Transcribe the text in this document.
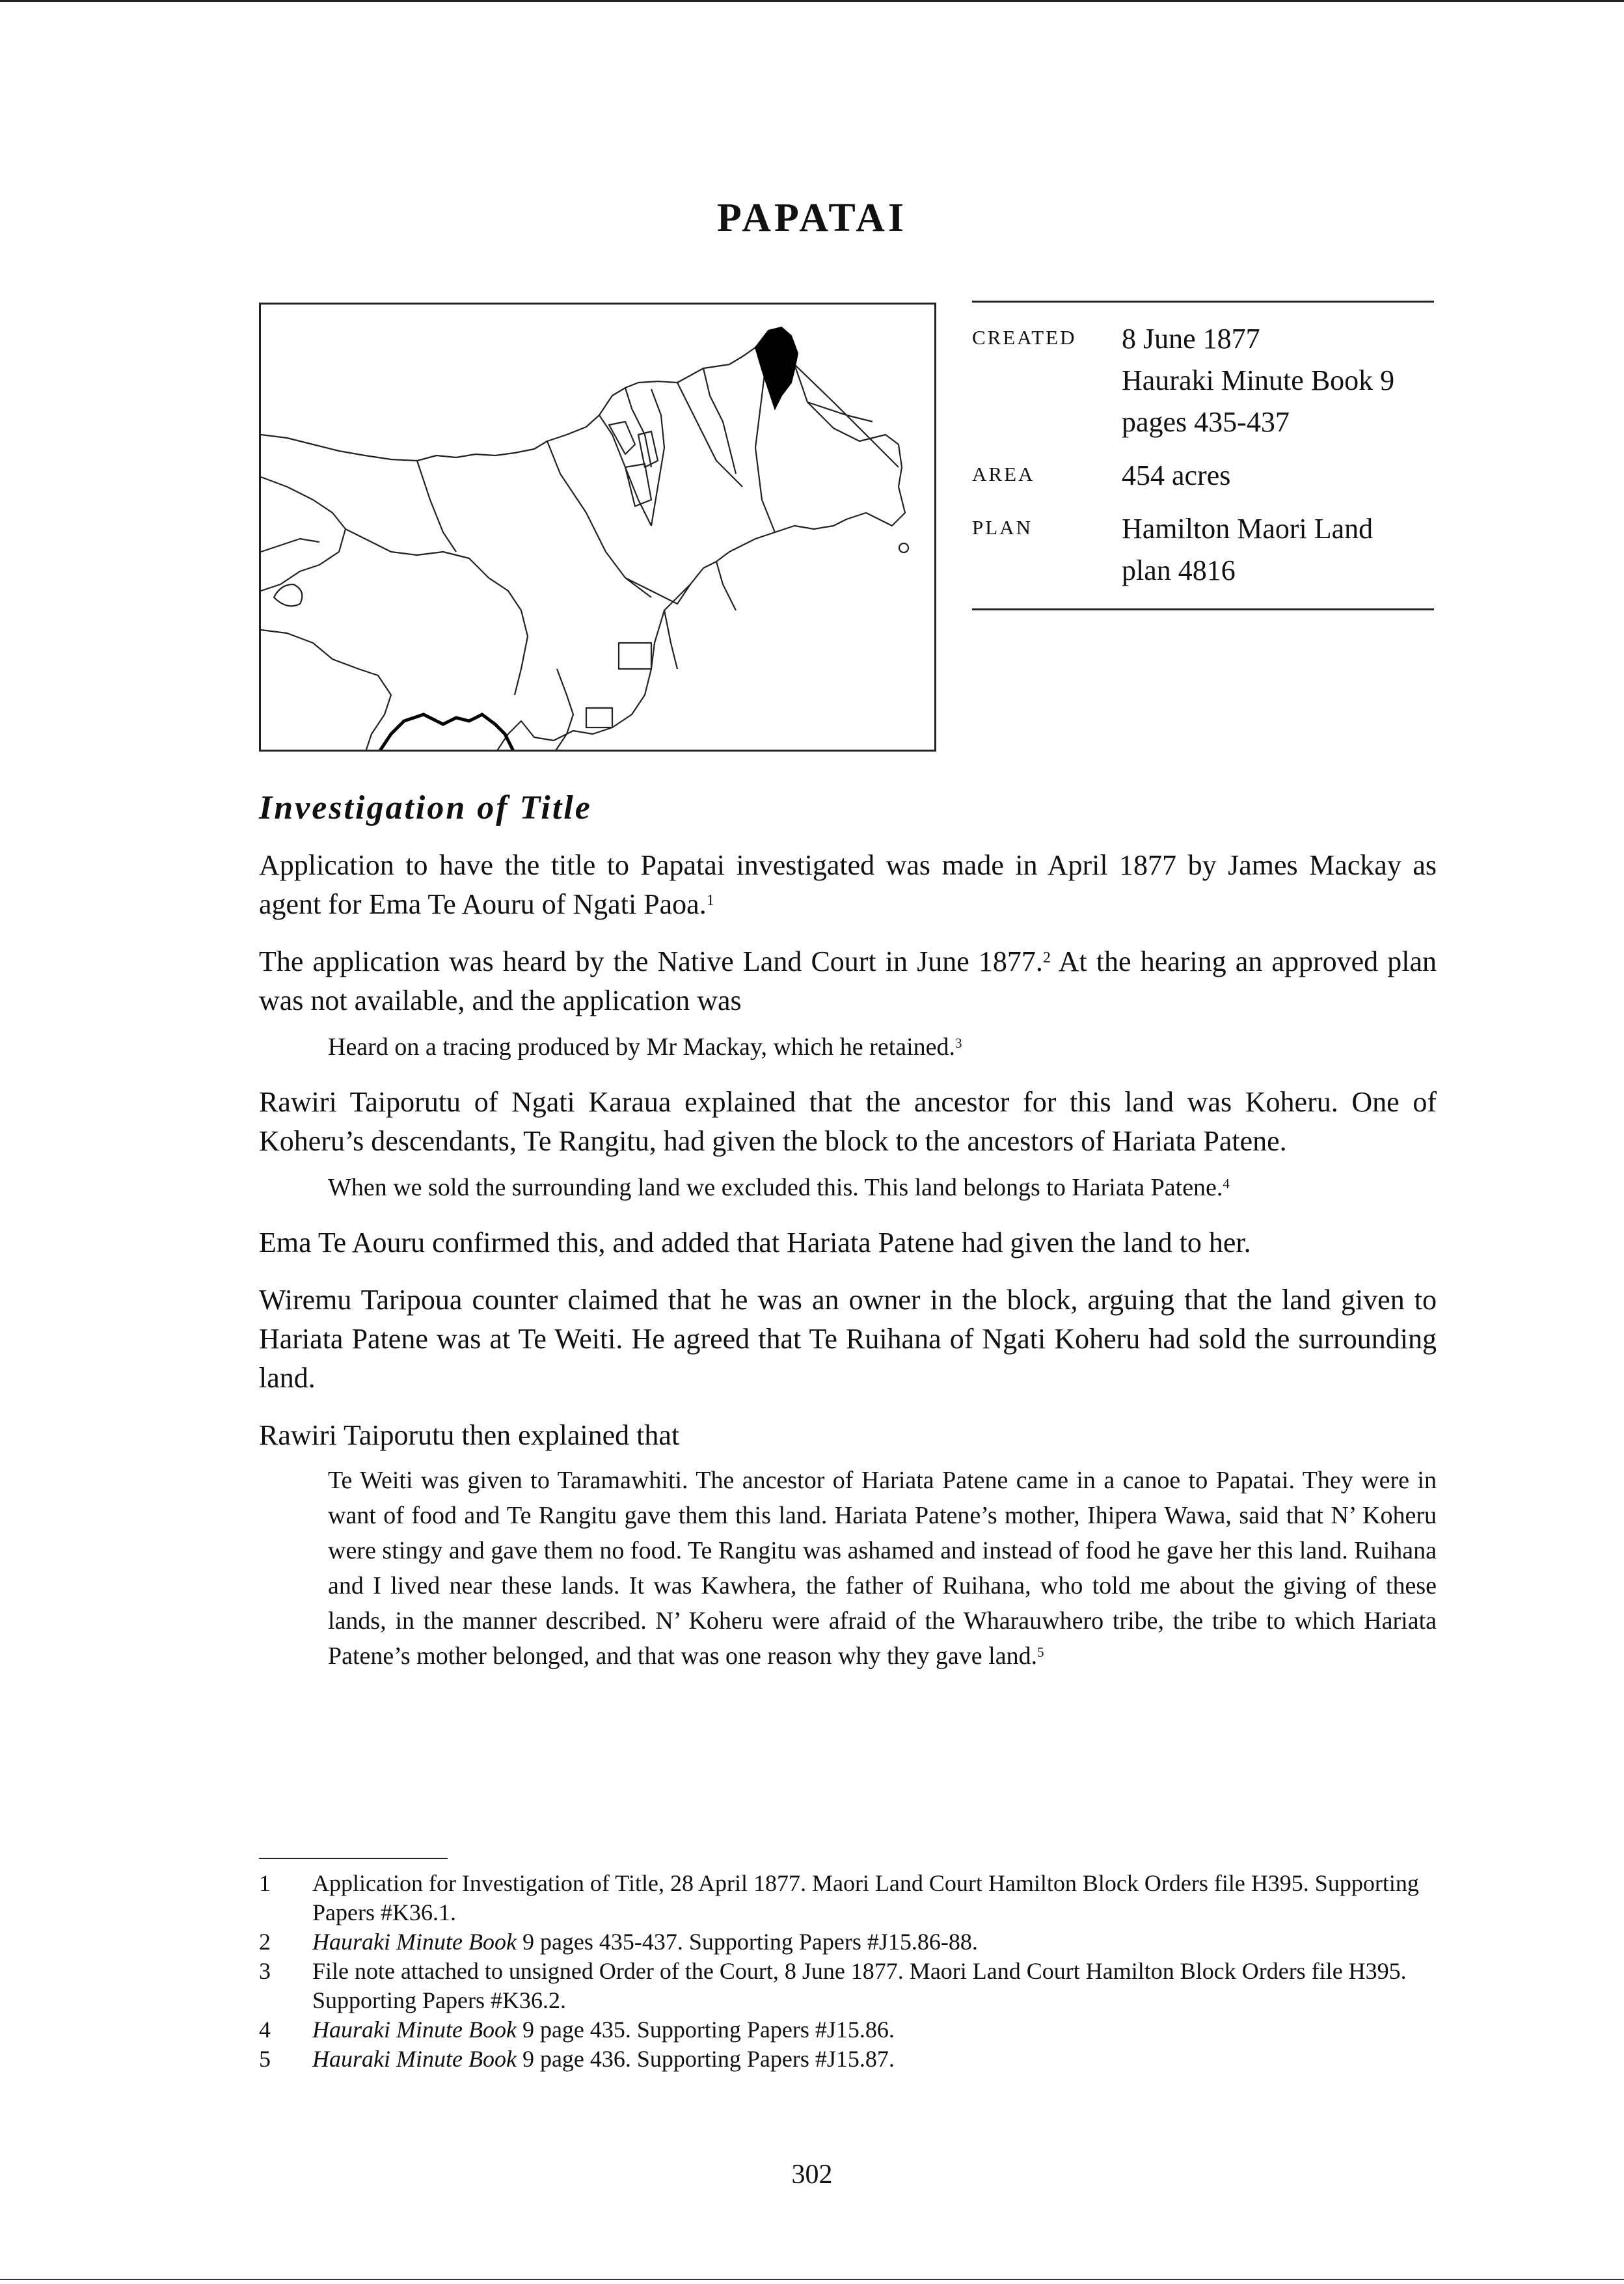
PAPATAI
CREATED	8 June 1877
Hauraki Minute Book 9
pages 435-437
AREA	454 acres
PLAN	Hamilton Maori Land
plan 4816
Investigation of Title

Application to have the title to Papatai investigated was made in April 1877 by James Mackay as agent for Ema Te Aouru of Ngati Paoa.$^1$

The application was heard by the Native Land Court in June 1877.$^2$ At the hearing an approved plan was not available, and the application was

Heard on a tracing produced by Mr Mackay, which he retained.$^3$

Rawiri Taiporutu of Ngati Karaua explained that the ancestor for this land was Koheru. One of Koheru’s descendants, Te Rangitu, had given the block to the ancestors of Hariata Patene.

When we sold the surrounding land we excluded this. This land belongs to Hariata Patene.$^4$

Ema Te Aouru confirmed this, and added that Hariata Patene had given the land to her.

Wiremu Taripoua counter claimed that he was an owner in the block, arguing that the land given to Hariata Patene was at Te Weiti. He agreed that Te Ruihana of Ngati Koheru had sold the surrounding land.

Rawiri Taiporutu then explained that

Te Weiti was given to Taramawhiti. The ancestor of Hariata Patene came in a canoe to Papatai. They were in want of food and Te Rangitu gave them this land. Hariata Patene’s mother, Ihipera Wawa, said that N’ Koheru were stingy and gave them no food. Te Rangitu was ashamed and instead of food he gave her this land. Ruihana and I lived near these lands. It was Kawhera, the father of Ruihana, who told me about the giving of these lands, in the manner described. N’ Koheru were afraid of the Wharauwhero tribe, the tribe to which Hariata Patene’s mother belonged, and that was one reason why they gave land.$^5$

1	Application for Investigation of Title, 28 April 1877. Maori Land Court Hamilton Block Orders file H395. Supporting Papers #K36.1.
2	Hauraki Minute Book 9 pages 435-437. Supporting Papers #J15.86-88.
3	File note attached to unsigned Order of the Court, 8 June 1877. Maori Land Court Hamilton Block Orders file H395. Supporting Papers #K36.2.
4	Hauraki Minute Book 9 page 435. Supporting Papers #J15.86.
5	Hauraki Minute Book 9 page 436. Supporting Papers #J15.87.
302
